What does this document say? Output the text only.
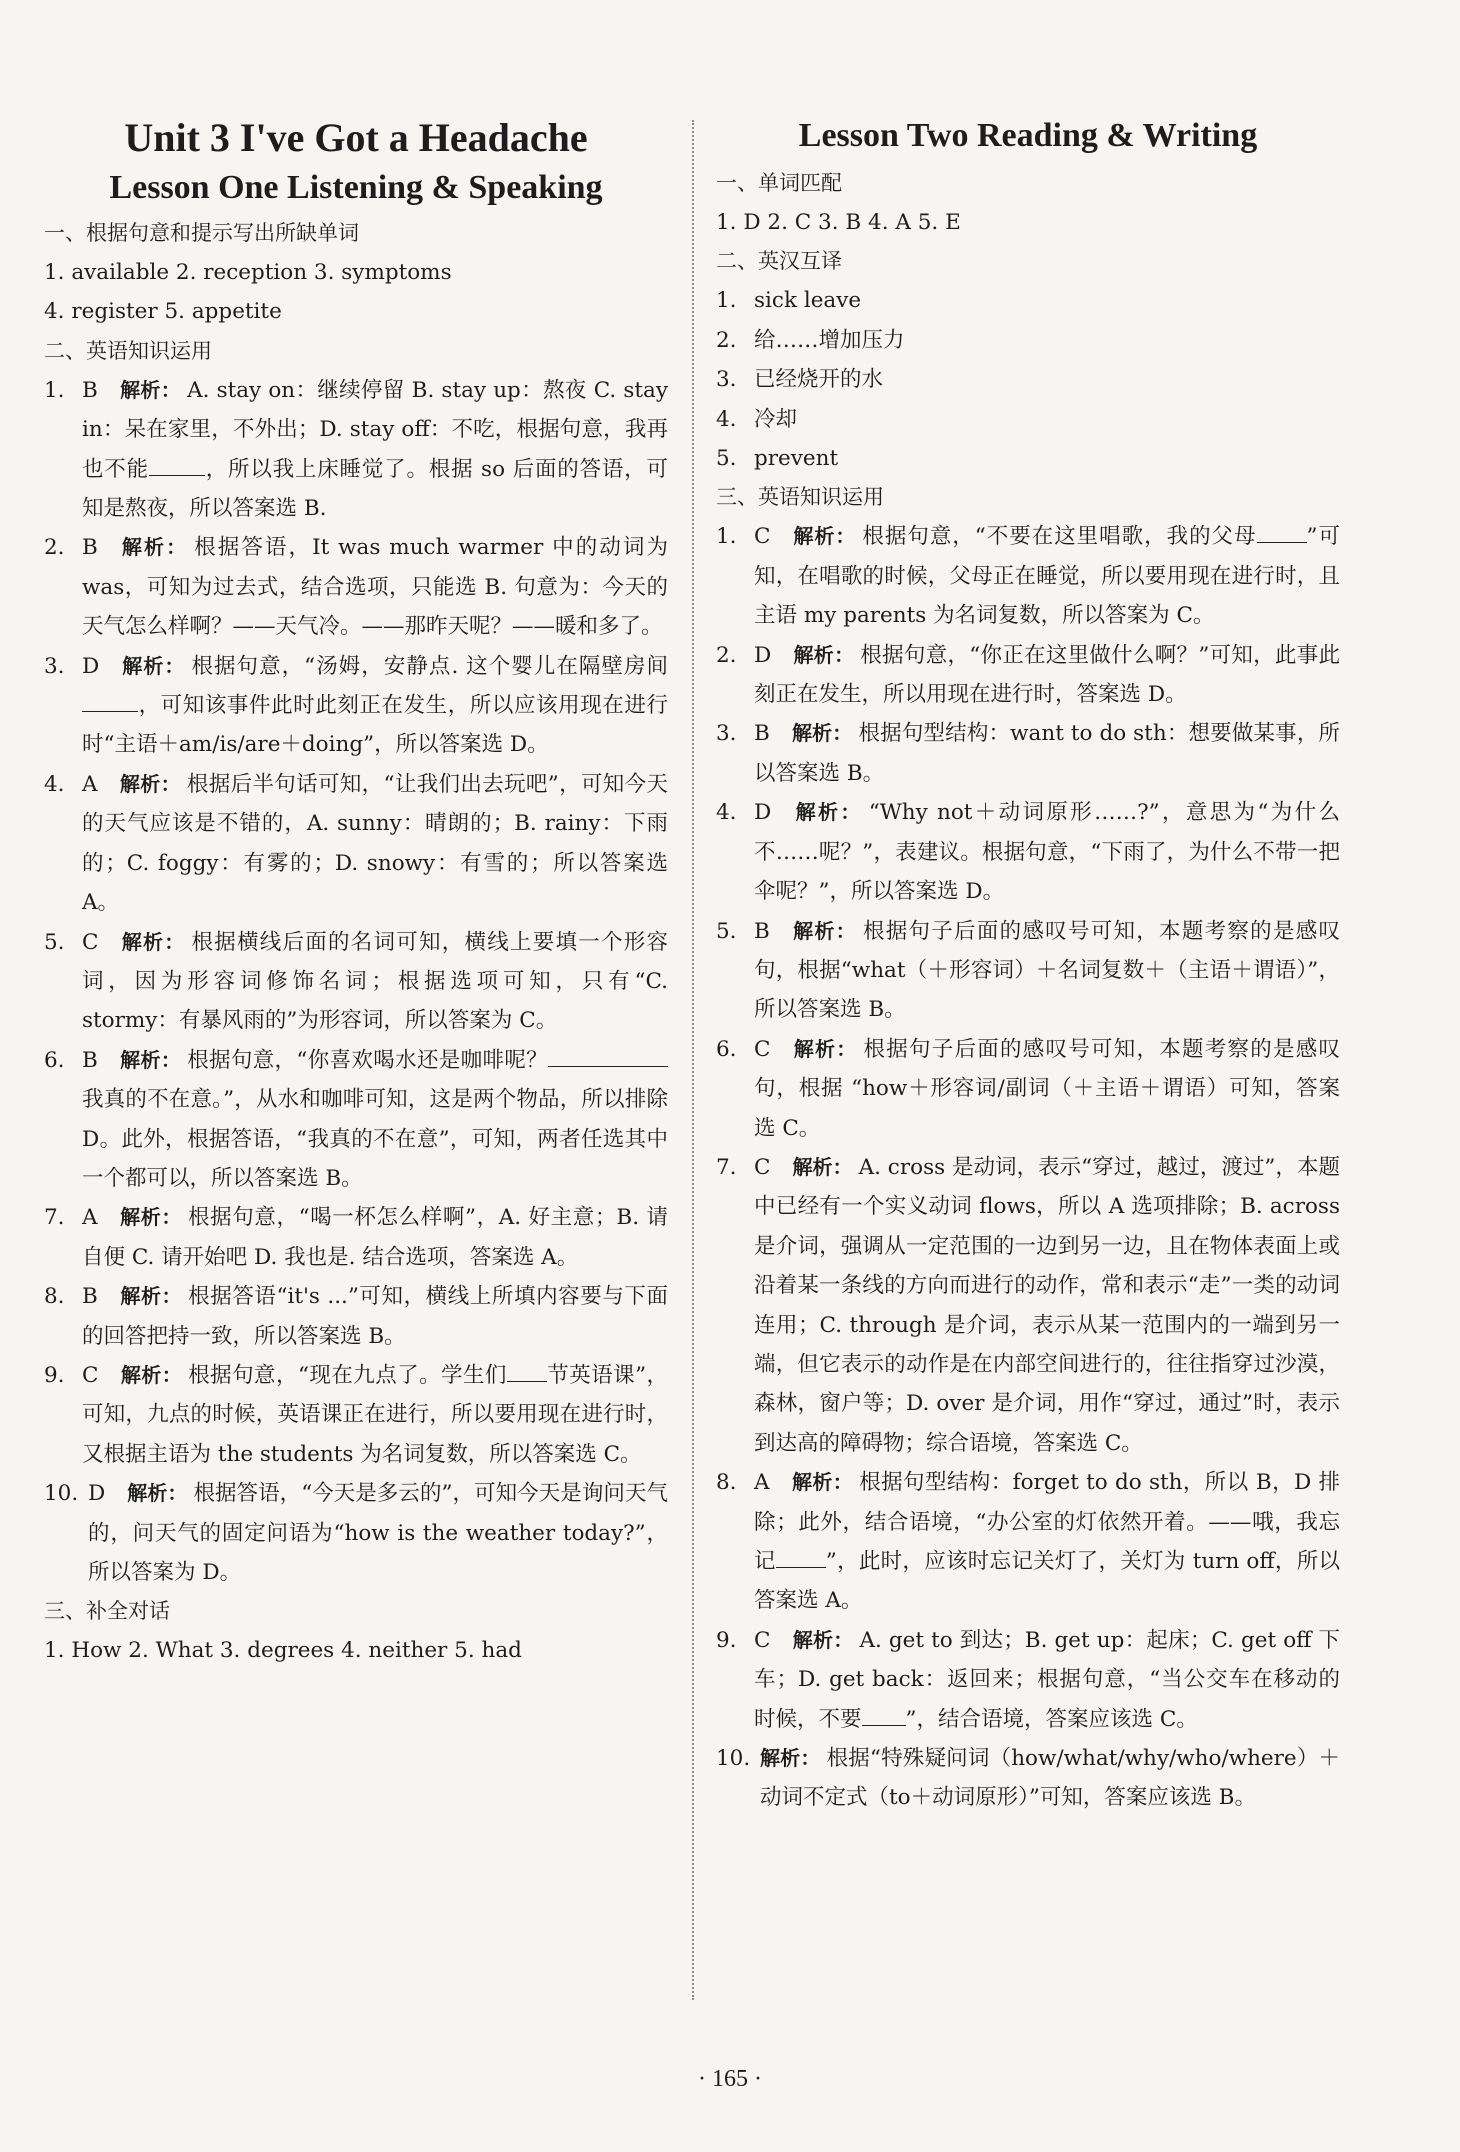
Unit 3 I've Got a Headache
Lesson One Listening & Speaking

一、根据句意和提示写出所缺单词

1. available 2. reception 3. symptoms

4. register 5. appetite

二、英语知识运用

1. B 解析： A. stay on：继续停留 B. stay up：熬夜 C. stay in：呆在家里，不外出；D. stay off：不吃，根据句意，我再也不能	，所以我上床睡觉了。根据 so 后面的答语，可知是熬夜，所以答案选 B.
2. B 解析： 根据答语，It was much warmer 中的动词为 was，可知为过去式，结合选项，只能选 B. 句意为：今天的天气怎么样啊？——天气冷。——那昨天呢？——暖和多了。
3. D 解析： 根据句意，“汤姆，安静点. 这个婴儿在隔壁房间，可知该事件此时此刻正在发生，所以应该用现在进行时“主语＋am/is/are＋doing”，所以答案选 D。
4. A 解析： 根据后半句话可知，“让我们出去玩吧”，可知今天的天气应该是不错的，A. sunny：晴朗的；B. rainy：下雨的；C. foggy：有雾的；D. snowy：有雪的；所以答案选 A。
5. C 解析： 根据横线后面的名词可知，横线上要填一个形容词，因为形容词修饰名词；根据选项可知，只有“C. stormy：有暴风雨的”为形容词，所以答案为 C。
6. B 解析： 根据句意，“你喜欢喝水还是咖啡呢？我真的不在意。”，从水和咖啡可知，这是两个物品，所以排除 D。此外，根据答语，“我真的不在意”，可知，两者任选其中一个都可以，所以答案选 B。
7. A 解析： 根据句意，“喝一杯怎么样啊”，A. 好主意；B. 请自便 C. 请开始吧 D. 我也是. 结合选项，答案选 A。
8. B 解析： 根据答语“it's ...”可知，横线上所填内容要与下面的回答把持一致，所以答案选 B。
9. C 解析： 根据句意，“现在九点了。学生们 节英语课”，可知，九点的时候，英语课正在进行，所以要用现在进行时，又根据主语为 the students 为名词复数，所以答案选 C。
10. D 解析： 根据答语，“今天是多云的”，可知今天是询问天气的，问天气的固定问语为“how is the weather today?”，所以答案为 D。

三、补全对话

1. How 2. What 3. degrees 4. neither 5. had

Lesson Two Reading & Writing

一、单词匹配

1. D 2. C 3. B 4. A 5. E

二、英汉互译

1. sick leave
2. 给……增加压力
3. 已经烧开的水
4. 冷却
5. prevent

三、英语知识运用

1. C 解析： 根据句意，“不要在这里唱歌，我的父母 ”可知，在唱歌的时候，父母正在睡觉，所以要用现在进行时，且主语 my parents 为名词复数，所以答案为 C。
2. D 解析： 根据句意，“你正在这里做什么啊？”可知，此事此刻正在发生，所以用现在进行时，答案选 D。
3. B 解析： 根据句型结构：want to do sth：想要做某事，所以答案选 B。
4. D 解析： “Why not＋动词原形……?”，意思为“为什么不……呢？”，表建议。根据句意，“下雨了，为什么不带一把伞呢？”，所以答案选 D。
5. B 解析： 根据句子后面的感叹号可知，本题考察的是感叹句，根据“what（＋形容词）＋名词复数＋（主语＋谓语）”，所以答案选 B。
6. C 解析： 根据句子后面的感叹号可知，本题考察的是感叹句，根据 “how＋形容词/副词（＋主语＋谓语）可知，答案选 C。
7. C 解析： A. cross 是动词，表示“穿过，越过，渡过”，本题中已经有一个实义动词 flows，所以 A 选项排除；B. across 是介词，强调从一定范围的一边到另一边，且在物体表面上或沿着某一条线的方向而进行的动作，常和表示“走”一类的动词连用；C. through 是介词，表示从某一范围内的一端到另一端，但它表示的动作是在内部空间进行的，往往指穿过沙漠，森林，窗户等；D. over 是介词，用作“穿过，通过”时，表示到达高的障碍物；综合语境，答案选 C。
8. A 解析： 根据句型结构：forget to do sth，所以 B，D 排除；此外，结合语境，“办公室的灯依然开着。——哦，我忘记 ”，此时，应该时忘记关灯了，关灯为 turn off，所以答案选 A。
9. C 解析： A. get to 到达；B. get up：起床；C. get off 下车；D. get back：返回来；根据句意，“当公交车在移动的时候，不要 ”，结合语境，答案应该选 C。
10. 解析： 根据“特殊疑问词（how/what/why/who/where）＋动词不定式（to＋动词原形）”可知，答案应该选 B。
· 165 ·
